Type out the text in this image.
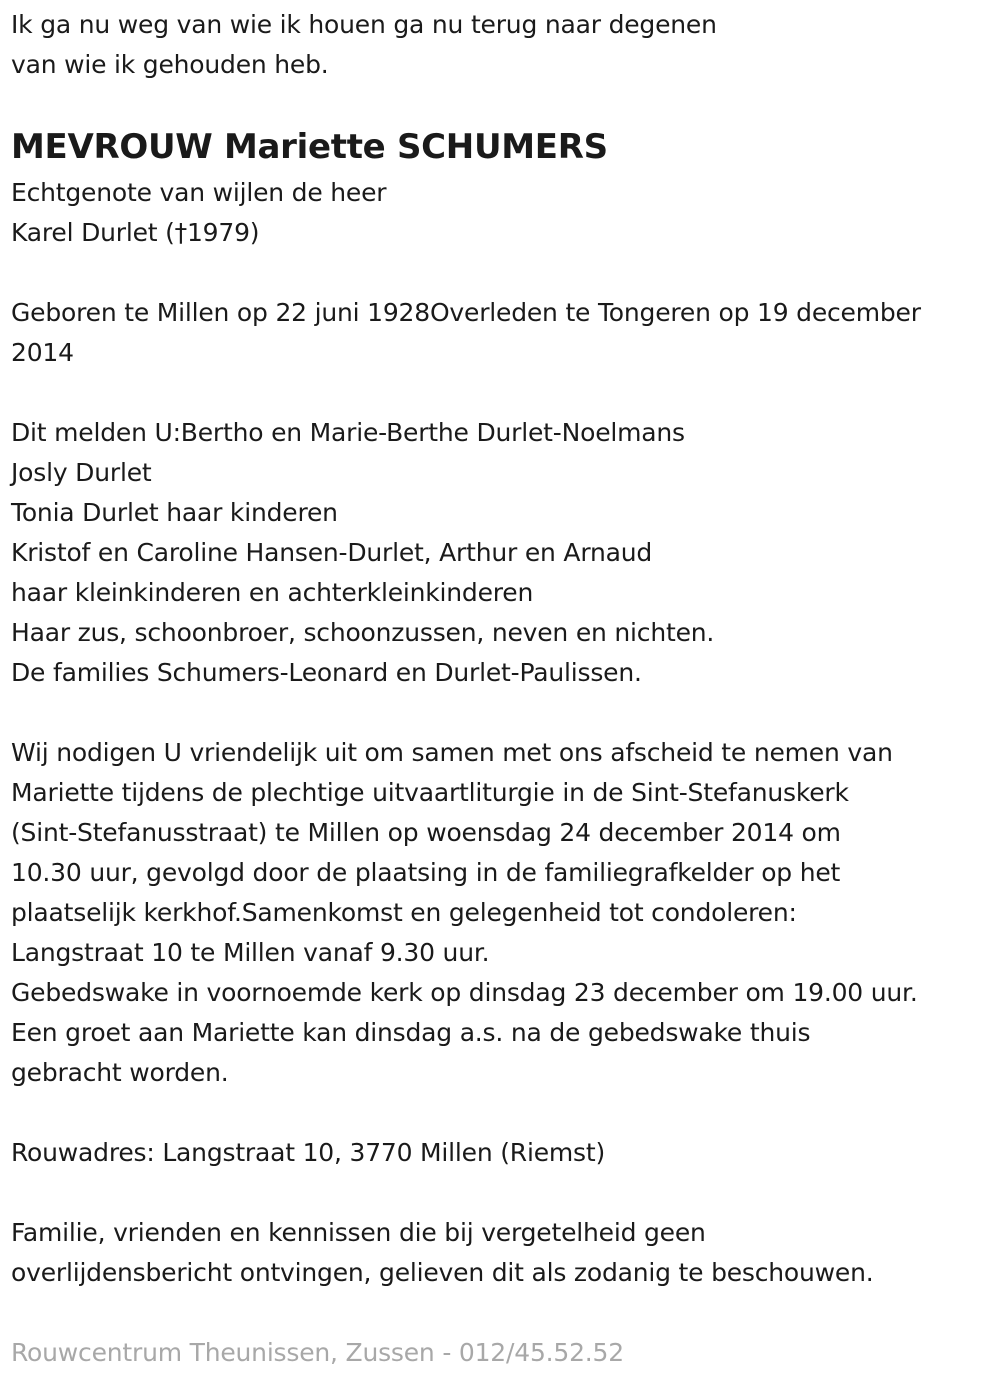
Ik ga nu weg van wie ik houen ga nu terug naar degenen
van wie ik gehouden heb.
MEVROUW Mariette SCHUMERS
Echtgenote van wijlen de heer
Karel Durlet (†1979)
Geboren te Millen op 22 juni 1928Overleden te Tongeren op 19 december
2014
Dit melden U:Bertho en Marie-Berthe Durlet-Noelmans
Josly Durlet
Tonia Durlet haar kinderen
Kristof en Caroline Hansen-Durlet, Arthur en Arnaud
haar kleinkinderen en achterkleinkinderen
Haar zus, schoonbroer, schoonzussen, neven en nichten.
De families Schumers-Leonard en Durlet-Paulissen.
Wij nodigen U vriendelijk uit om samen met ons afscheid te nemen van
Mariette tijdens de plechtige uitvaartliturgie in de Sint-Stefanuskerk
(Sint-Stefanusstraat) te Millen op woensdag 24 december 2014 om
10.30 uur, gevolgd door de plaatsing in de familiegrafkelder op het
plaatselijk kerkhof.Samenkomst en gelegenheid tot condoleren:
Langstraat 10 te Millen vanaf 9.30 uur.
Gebedswake in voornoemde kerk op dinsdag 23 december om 19.00 uur.
Een groet aan Mariette kan dinsdag a.s. na de gebedswake thuis
gebracht worden.
Rouwadres: Langstraat 10, 3770 Millen (Riemst)
Familie, vrienden en kennissen die bij vergetelheid geen
overlijdensbericht ontvingen, gelieven dit als zodanig te beschouwen.
Rouwcentrum Theunissen, Zussen - 012/45.52.52
